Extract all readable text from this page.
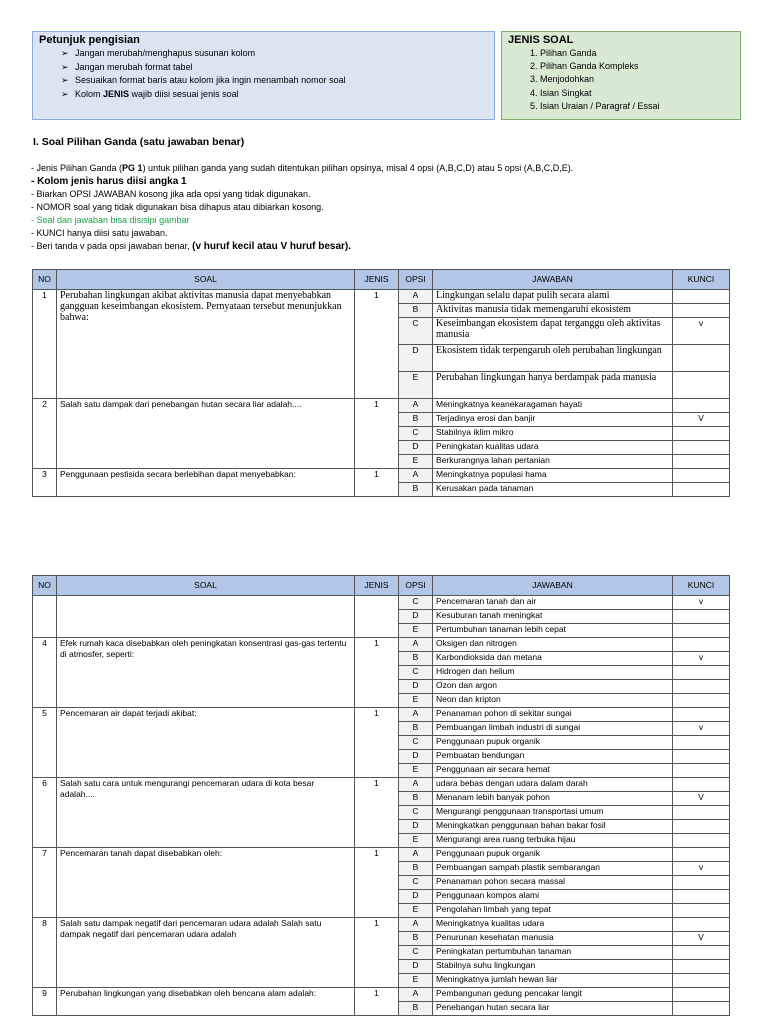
Petunjuk pengisian
➢ Jangan merubah/menghapus susunan kolom
➢ Jangan merubah format tabel
➢ Sesuaikan format baris atau kolom jika ingin menambah nomor soal
➢ Kolom JENIS wajib diisi sesuai jenis soal
JENIS SOAL
1. Pilihan Ganda
2. Pilihan Ganda Kompleks
3. Menjodohkan
4. Isian Singkat
5. Isian Uraian / Paragraf / Essai
I. Soal Pilihan Ganda (satu jawaban benar)
- Jenis Pilihan Ganda (PG 1) untuk pilihan ganda yang sudah ditentukan pilihan opsinya, misal 4 opsi (A,B,C,D) atau 5 opsi (A,B,C,D,E).
- Kolom jenis harus diisi angka 1
- Biarkan OPSI JAWABAN kosong jika ada opsi yang tidak digunakan.
- NOMOR soal yang tidak digunakan bisa dihapus atau dibiarkan kosong.
- Soal dan jawaban bisa disisipi gambar
- KUNCI hanya diisi satu jawaban.
- Beri tanda v pada opsi jawaban benar, (v huruf kecil atau V huruf besar).
NO	SOAL	JENIS	OPSI	JAWABAN	KUNCI
1	Perubahan lingkungan akibat aktivitas manusia dapat menyebabkan gangguan keseimbangan ekosistem. Pernyataan tersebut menunjukkan bahwa:	1	A	Lingkungan selalu dapat pulih secara alami	
			B	Aktivitas manusia tidak memengaruhi ekosistem	
			C	Keseimbangan ekosistem dapat terganggu oleh aktivitas manusia	v
			D	Ekosistem tidak terpengaruh oleh perubahan lingkungan	
			E	Perubahan lingkungan hanya berdampak pada manusia	
2	Salah satu dampak dari penebangan hutan secara liar adalah....	1	A	Meningkatnya keanekaragaman hayati	
			B	Terjadinya erosi dan banjir	V
			C	Stabilnya iklim mikro	
			D	Peningkatan kualitas udara	
			E	Berkurangnya lahan pertanian	
3	Penggunaan pestisida secara berlebihan dapat menyebabkan:	1	A	Meningkatnya populasi hama	
			B	Kerusakan pada tanaman	
NO	SOAL	JENIS	OPSI	JAWABAN	KUNCI
			C	Pencemaran tanah dan air	v
			D	Kesuburan tanah meningkat	
			E	Pertumbuhan tanaman lebih cepat	
4	Efek rumah kaca disebabkan oleh peningkatan konsentrasi gas-gas tertentu di atmosfer, seperti:	1	A	Oksigen dan nitrogen	
			B	Karbondioksida dan metana	v
			C	Hidrogen dan helium	
			D	Ozon dan argon	
			E	Neon dan kripton	
5	Pencemaran air dapat terjadi akibat:	1	A	Penanaman pohon di sekitar sungai	
			B	Pembuangan limbah industri di sungai	v
			C	Penggunaan pupuk organik	
			D	Pembuatan bendungan	
			E	Penggunaan air secara hemat	
6	Salah satu cara untuk mengurangi pencemaran udara di kota besar adalah....	1	A	udara bebas dengan udara dalam darah	
			B	Menanam lebih banyak pohon	V
			C	Mengurangi penggunaan transportasi umum	
			D	Meningkatkan penggunaan bahan bakar fosil	
			E	Mengurangi area ruang terbuka hijau	
7	Pencemaran tanah dapat disebabkan oleh:	1	A	Penggunaan pupuk organik	
			B	Pembuangan sampah plastik sembarangan	v
			C	Penanaman pohon secara massal	
			D	Penggunaan kompos alami	
			E	Pengolahan limbah yang tepat	
8	Salah satu dampak negatif dari pencemaran udara adalah Salah satu dampak negatif dari pencemaran udara adalah	1	A	Meningkatnya kualitas udara	
			B	Penurunan kesehatan manusia	V
			C	Peningkatan pertumbuhan tanaman	
			D	Stabilnya suhu lingkungan	
			E	Meningkatnya jumlah hewan liar	
9	Perubahan lingkungan yang disebabkan oleh bencana alam adalah:	1	A	Pembangunan gedung pencakar langit	
			B	Penebangan hutan secara liar	
